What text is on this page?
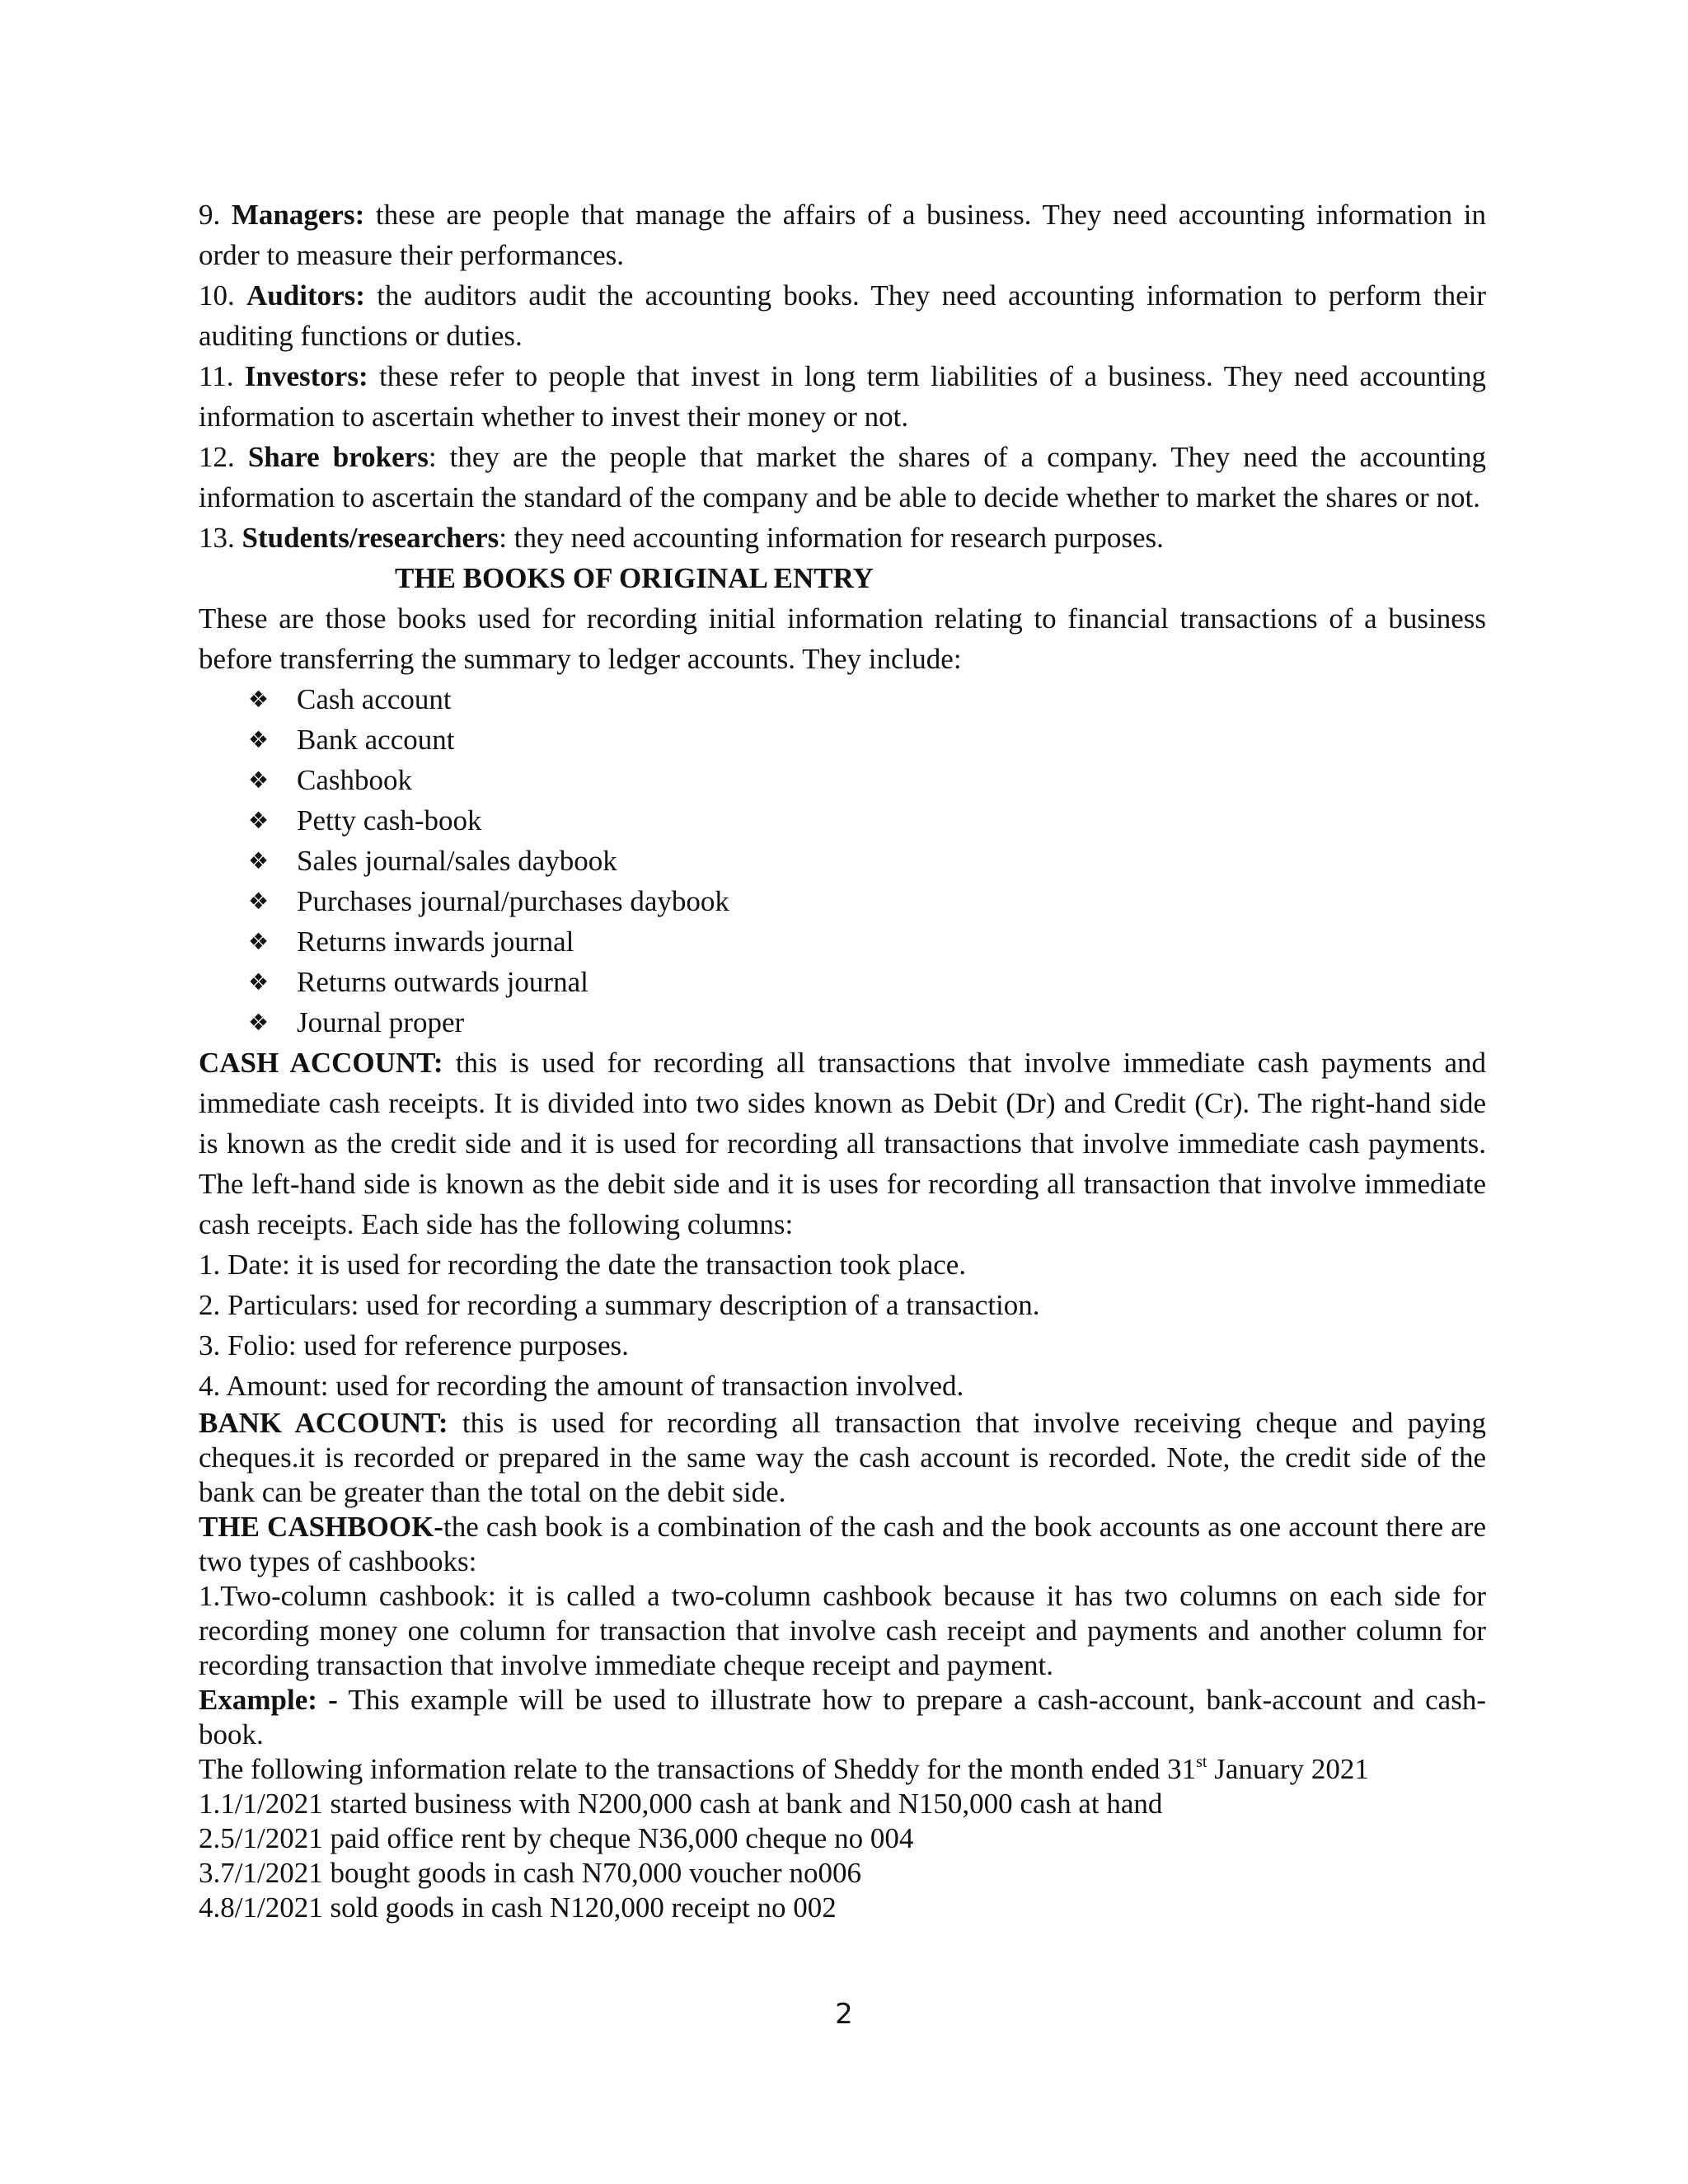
9. Managers: these are people that manage the affairs of a business. They need accounting information in order to measure their performances.

10. Auditors: the auditors audit the accounting books. They need accounting information to perform their auditing functions or duties.

11. Investors: these refer to people that invest in long term liabilities of a business. They need accounting information to ascertain whether to invest their money or not.

12. Share brokers: they are the people that market the shares of a company. They need the accounting information to ascertain the standard of the company and be able to decide whether to market the shares or not.

13. Students/researchers: they need accounting information for research purposes.

THE BOOKS OF ORIGINAL ENTRY

These are those books used for recording initial information relating to financial transactions of a business before transferring the summary to ledger accounts. They include:

❖ Cash account
❖ Bank account
❖ Cashbook
❖ Petty cash-book
❖ Sales journal/sales daybook
❖ Purchases journal/purchases daybook
❖ Returns inwards journal
❖ Returns outwards journal
❖ Journal proper

CASH ACCOUNT: this is used for recording all transactions that involve immediate cash payments and immediate cash receipts. It is divided into two sides known as Debit (Dr) and Credit (Cr). The right-hand side is known as the credit side and it is used for recording all transactions that involve immediate cash payments. The left-hand side is known as the debit side and it is uses for recording all transaction that involve immediate cash receipts. Each side has the following columns:

1. Date: it is used for recording the date the transaction took place.

2. Particulars: used for recording a summary description of a transaction.

3. Folio: used for reference purposes.

4. Amount: used for recording the amount of transaction involved.

BANK ACCOUNT: this is used for recording all transaction that involve receiving cheque and paying cheques.it is recorded or prepared in the same way the cash account is recorded. Note, the credit side of the bank can be greater than the total on the debit side.

THE CASHBOOK-the cash book is a combination of the cash and the book accounts as one account there are two types of cashbooks:

1.Two-column cashbook: it is called a two-column cashbook because it has two columns on each side for recording money one column for transaction that involve cash receipt and payments and another column for recording transaction that involve immediate cheque receipt and payment.

Example: - This example will be used to illustrate how to prepare a cash-account, bank-account and cash-book.

The following information relate to the transactions of Sheddy for the month ended 31st January 2021

1.1/1/2021 started business with N200,000 cash at bank and N150,000 cash at hand

2.5/1/2021 paid office rent by cheque N36,000 cheque no 004

3.7/1/2021 bought goods in cash N70,000 voucher no006

4.8/1/2021 sold goods in cash N120,000 receipt no 002

2
